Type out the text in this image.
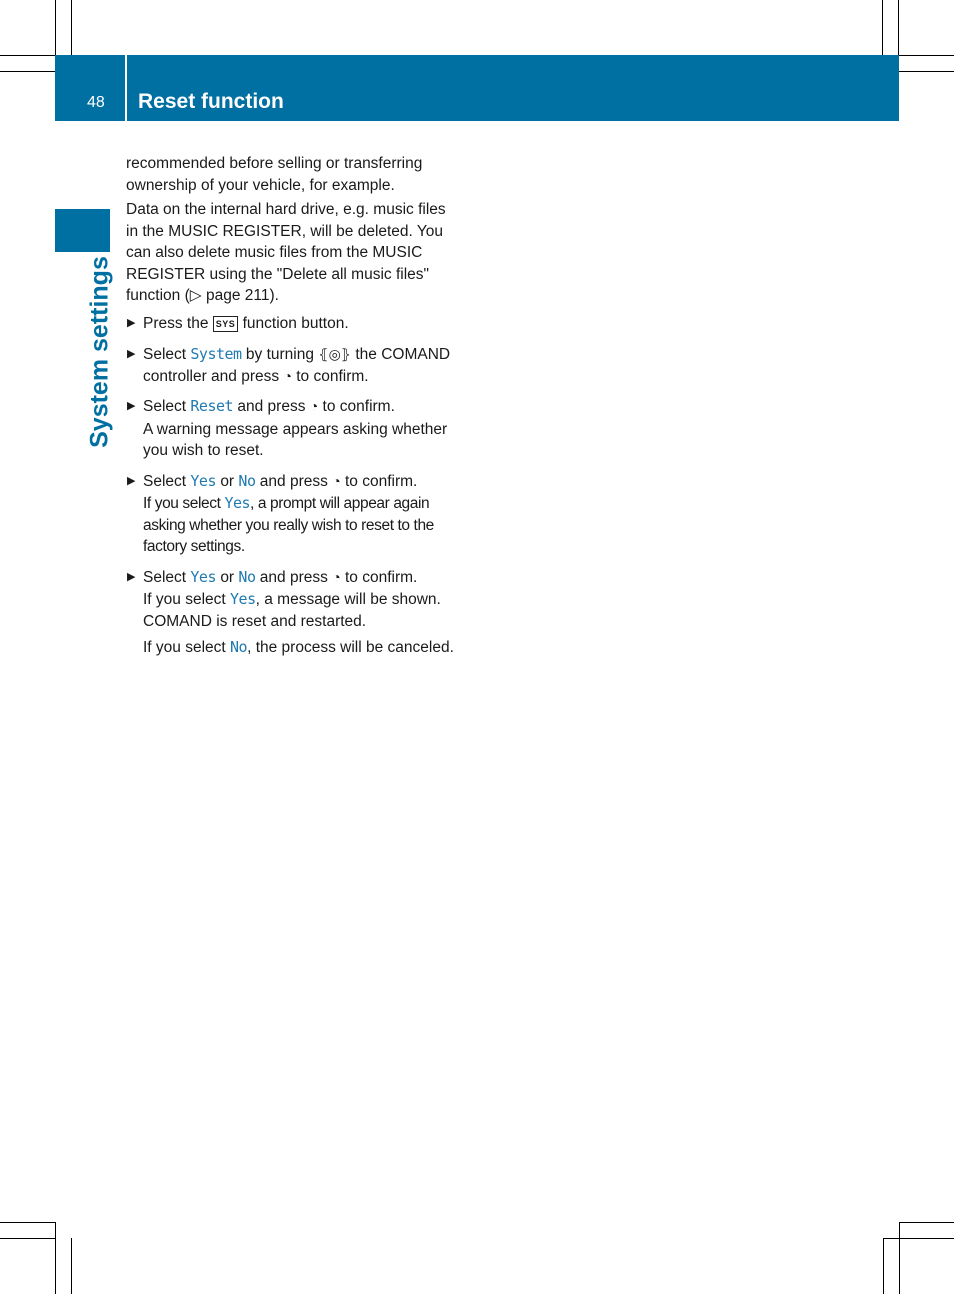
48 Reset function
System settings

recommended before selling or transferring ownership of your vehicle, for example.

Data on the internal hard drive, e.g. music files in the MUSIC REGISTER, will be deleted. You can also delete music files from the MUSIC REGISTER using the "Delete all music files" function (▷ page 211).

▶ Press the SYS function button.

▶ Select System by turning ⦃◎⦄ the COMAND controller and press ◔ to confirm.

▶ Select Reset and press ◔ to confirm.

A warning message appears asking whether you wish to reset.

▶ Select Yes or No and press ◔ to confirm.

If you select Yes, a prompt will appear again asking whether you really wish to reset to the factory settings.

▶ Select Yes or No and press ◔ to confirm.

If you select Yes, a message will be shown. COMAND is reset and restarted.

If you select No, the process will be canceled.
